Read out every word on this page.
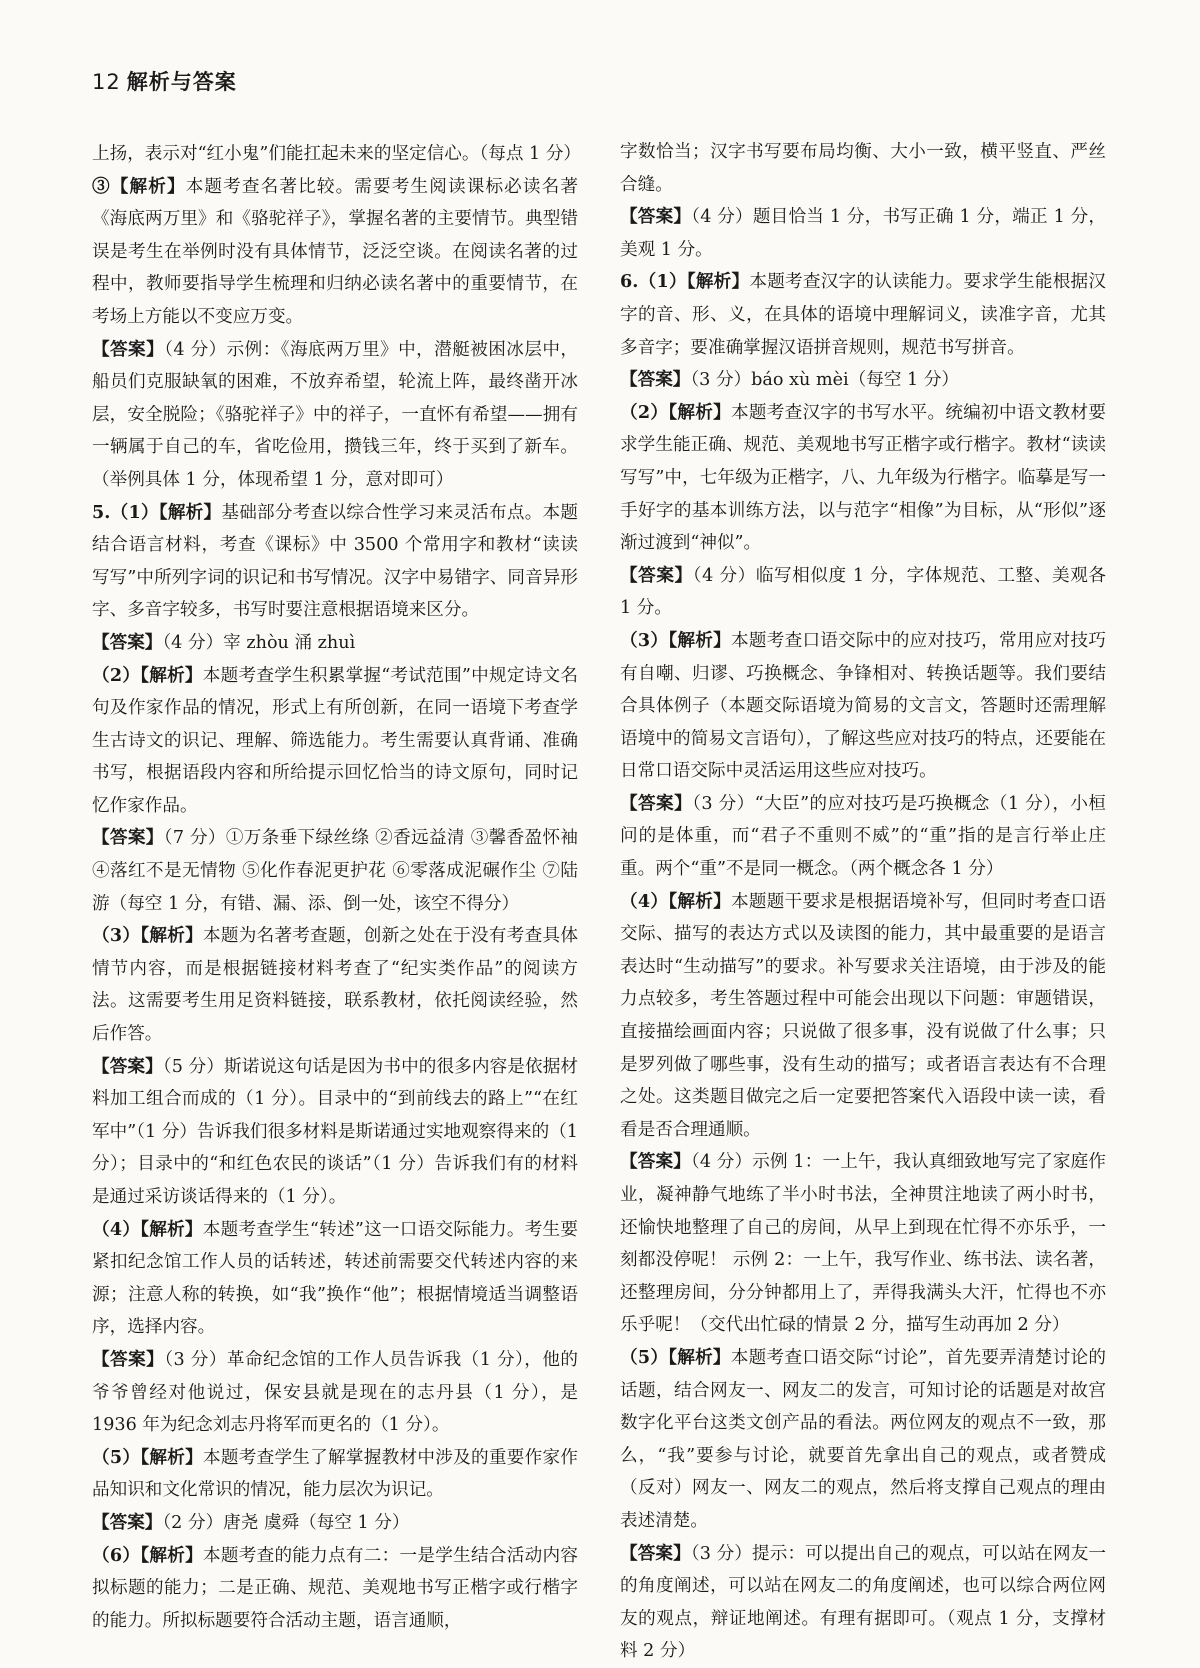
12 解析与答案

上扬，表示对“红小鬼”们能扛起未来的坚定信心。（每点 1 分）

③【解析】本题考查名著比较。需要考生阅读课标必读名著《海底两万里》和《骆驼祥子》，掌握名著的主要情节。典型错误是考生在举例时没有具体情节，泛泛空谈。在阅读名著的过程中，教师要指导学生梳理和归纳必读名著中的重要情节，在考场上方能以不变应万变。

【答案】（4 分）示例：《海底两万里》中，潜艇被困冰层中，船员们克服缺氧的困难，不放弃希望，轮流上阵，最终凿开冰层，安全脱险；《骆驼祥子》中的祥子，一直怀有希望——拥有一辆属于自己的车，省吃俭用，攒钱三年，终于买到了新车。（举例具体 1 分，体现希望 1 分，意对即可）

5.（1）【解析】基础部分考查以综合性学习来灵活布点。本题结合语言材料，考查《课标》中 3500 个常用字和教材“读读写写”中所列字词的识记和书写情况。汉字中易错字、同音异形字、多音字较多，书写时要注意根据语境来区分。

【答案】（4 分）宰 zhòu 涌 zhuì

（2）【解析】本题考查学生积累掌握“考试范围”中规定诗文名句及作家作品的情况，形式上有所创新，在同一语境下考查学生古诗文的识记、理解、筛选能力。考生需要认真背诵、准确书写，根据语段内容和所给提示回忆恰当的诗文原句，同时记忆作家作品。

【答案】（7 分）①万条垂下绿丝绦 ②香远益清 ③馨香盈怀袖 ④落红不是无情物 ⑤化作春泥更护花 ⑥零落成泥碾作尘 ⑦陆游（每空 1 分，有错、漏、添、倒一处，该空不得分）

（3）【解析】本题为名著考查题，创新之处在于没有考查具体情节内容，而是根据链接材料考查了“纪实类作品”的阅读方法。这需要考生用足资料链接，联系教材，依托阅读经验，然后作答。

【答案】（5 分）斯诺说这句话是因为书中的很多内容是依据材料加工组合而成的（1 分）。目录中的“到前线去的路上”“在红军中”（1 分）告诉我们很多材料是斯诺通过实地观察得来的（1 分）；目录中的“和红色农民的谈话”（1 分）告诉我们有的材料是通过采访谈话得来的（1 分）。

（4）【解析】本题考查学生“转述”这一口语交际能力。考生要紧扣纪念馆工作人员的话转述，转述前需要交代转述内容的来源；注意人称的转换，如“我”换作“他”；根据情境适当调整语序，选择内容。

【答案】（3 分）革命纪念馆的工作人员告诉我（1 分），他的爷爷曾经对他说过，保安县就是现在的志丹县（1 分），是 1936 年为纪念刘志丹将军而更名的（1 分）。

（5）【解析】本题考查学生了解掌握教材中涉及的重要作家作品知识和文化常识的情况，能力层次为识记。

【答案】（2 分）唐尧 虞舜（每空 1 分）

（6）【解析】本题考查的能力点有二：一是学生结合活动内容拟标题的能力；二是正确、规范、美观地书写正楷字或行楷字的能力。所拟标题要符合活动主题，语言通顺，

字数恰当；汉字书写要布局均衡、大小一致，横平竖直、严丝合缝。

【答案】（4 分）题目恰当 1 分，书写正确 1 分，端正 1 分，美观 1 分。

6.（1）【解析】本题考查汉字的认读能力。要求学生能根据汉字的音、形、义，在具体的语境中理解词义，读准字音，尤其多音字；要准确掌握汉语拼音规则，规范书写拼音。

【答案】（3 分）báo xù mèi（每空 1 分）

（2）【解析】本题考查汉字的书写水平。统编初中语文教材要求学生能正确、规范、美观地书写正楷字或行楷字。教材“读读写写”中，七年级为正楷字，八、九年级为行楷字。临摹是写一手好字的基本训练方法，以与范字“相像”为目标，从“形似”逐渐过渡到“神似”。

【答案】（4 分）临写相似度 1 分，字体规范、工整、美观各 1 分。

（3）【解析】本题考查口语交际中的应对技巧，常用应对技巧有自嘲、归谬、巧换概念、争锋相对、转换话题等。我们要结合具体例子（本题交际语境为简易的文言文，答题时还需理解语境中的简易文言语句），了解这些应对技巧的特点，还要能在日常口语交际中灵活运用这些应对技巧。

【答案】（3 分）“大臣”的应对技巧是巧换概念（1 分），小桓问的是体重，而“君子不重则不威”的“重”指的是言行举止庄重。两个“重”不是同一概念。（两个概念各 1 分）

（4）【解析】本题题干要求是根据语境补写，但同时考查口语交际、描写的表达方式以及读图的能力，其中最重要的是语言表达时“生动描写”的要求。补写要求关注语境，由于涉及的能力点较多，考生答题过程中可能会出现以下问题：审题错误，直接描绘画面内容；只说做了很多事，没有说做了什么事；只是罗列做了哪些事，没有生动的描写；或者语言表达有不合理之处。这类题目做完之后一定要把答案代入语段中读一读，看看是否合理通顺。

【答案】（4 分）示例 1：一上午，我认真细致地写完了家庭作业，凝神静气地练了半小时书法，全神贯注地读了两小时书，还愉快地整理了自己的房间，从早上到现在忙得不亦乐乎，一刻都没停呢！ 示例 2：一上午，我写作业、练书法、读名著，还整理房间，分分钟都用上了，弄得我满头大汗，忙得也不亦乐乎呢！（交代出忙碌的情景 2 分，描写生动再加 2 分）

（5）【解析】本题考查口语交际“讨论”，首先要弄清楚讨论的话题，结合网友一、网友二的发言，可知讨论的话题是对故宫数字化平台这类文创产品的看法。两位网友的观点不一致，那么，“我”要参与讨论，就要首先拿出自己的观点，或者赞成（反对）网友一、网友二的观点，然后将支撑自己观点的理由表述清楚。

【答案】（3 分）提示：可以提出自己的观点，可以站在网友一的角度阐述，可以站在网友二的角度阐述，也可以综合两位网友的观点，辩证地阐述。有理有据即可。（观点 1 分，支撑材料 2 分）
